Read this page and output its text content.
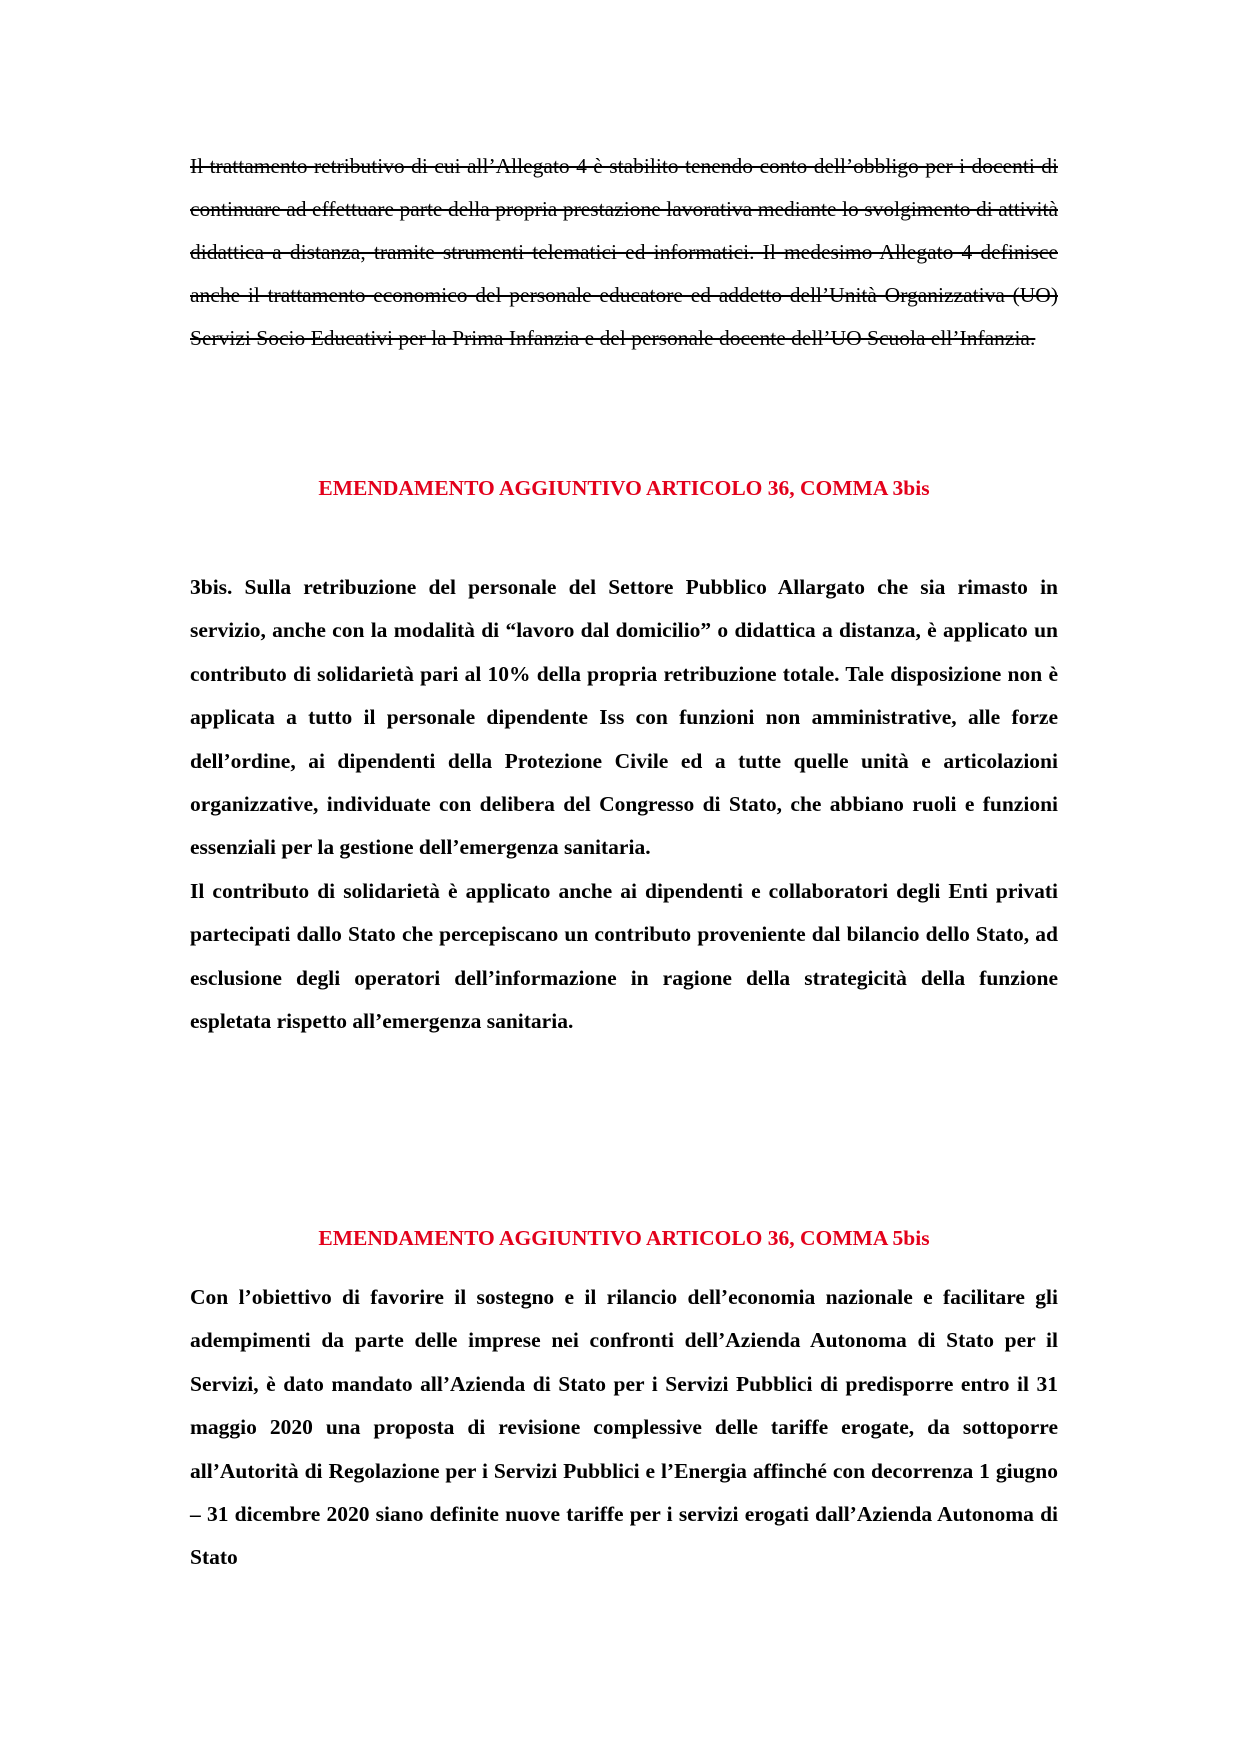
Il trattamento retributivo di cui all’Allegato 4 è stabilito tenendo conto dell’obbligo per i docenti di continuare ad effettuare parte della propria prestazione lavorativa mediante lo svolgimento di attività didattica a distanza, tramite strumenti telematici ed informatici. Il medesimo Allegato 4 definisce anche il trattamento economico del personale educatore ed addetto dell’Unità Organizzativa (UO) Servizi Socio Educativi per la Prima Infanzia e del personale docente dell’UO Scuola ell’Infanzia.
EMENDAMENTO AGGIUNTIVO ARTICOLO 36, COMMA 3bis

3bis. Sulla retribuzione del personale del Settore Pubblico Allargato che sia rimasto in servizio, anche con la modalità di “lavoro dal domicilio” o didattica a distanza, è applicato un contributo di solidarietà pari al 10% della propria retribuzione totale. Tale disposizione non è applicata a tutto il personale dipendente Iss con funzioni non amministrative, alle forze dell’ordine, ai dipendenti della Protezione Civile ed a tutte quelle unità e articolazioni organizzative, individuate con delibera del Congresso di Stato, che abbiano ruoli e funzioni essenziali per la gestione dell’emergenza sanitaria.

Il contributo di solidarietà è applicato anche ai dipendenti e collaboratori degli Enti privati partecipati dallo Stato che percepiscano un contributo proveniente dal bilancio dello Stato, ad esclusione degli operatori dell’informazione in ragione della strategicità della funzione espletata rispetto all’emergenza sanitaria.

EMENDAMENTO AGGIUNTIVO ARTICOLO 36, COMMA 5bis

Con l’obiettivo di favorire il sostegno e il rilancio dell’economia nazionale e facilitare gli adempimenti da parte delle imprese nei confronti dell’Azienda Autonoma di Stato per il Servizi, è dato mandato all’Azienda di Stato per i Servizi Pubblici di predisporre entro il 31 maggio 2020 una proposta di revisione complessive delle tariffe erogate, da sottoporre all’Autorità di Regolazione per i Servizi Pubblici e l’Energia affinché con decorrenza 1 giugno – 31 dicembre 2020 siano definite nuove tariffe per i servizi erogati dall’Azienda Autonoma di Stato
